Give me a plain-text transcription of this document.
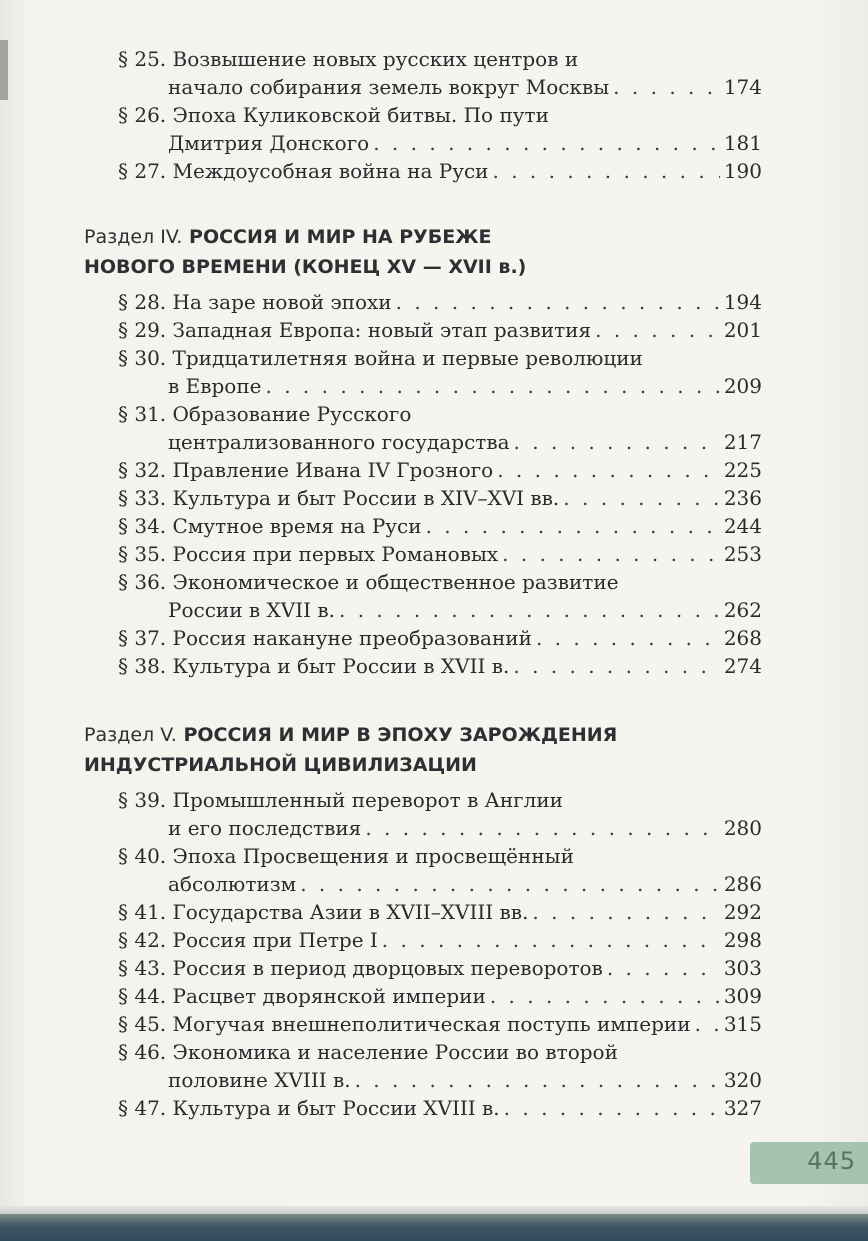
§ 25.
Возвышение новых русских центров и
начало собирания земель вокруг Москвы . . .	174
§ 26.
Эпоха Куликовской битвы. По пути
Дмитрия Донского . . .	181
§ 27.
Междоусобная война на Руси . . .	190
Раздел IV. РОССИЯ И МИР НА РУБЕЖЕ
НОВОГО ВРЕМЕНИ (КОНЕЦ XV — XVII в.)
§ 28.
На заре новой эпохи . . .	194
§ 29.
Западная Европа: новый этап развития . . .	201
§ 30.
Тридцатилетняя война и первые революции
в Европе . . .	209
§ 31.
Образование Русского
централизованного государства . . .	217
§ 32.
Правление Ивана IV Грозного . . .	225
§ 33.
Культура и быт России в XIV–XVI вв. . . .	236
§ 34.
Смутное время на Руси . . .	244
§ 35.
Россия при первых Романовых . . .	253
§ 36.
Экономическое и общественное развитие
России в XVII в. . . .	262
§ 37.
Россия накануне преобразований . . .	268
§ 38.
Культура и быт России в XVII в. . . .	274
Раздел V. РОССИЯ И МИР В ЭПОХУ ЗАРОЖДЕНИЯ
ИНДУСТРИАЛЬНОЙ ЦИВИЛИЗАЦИИ
§ 39.
Промышленный переворот в Англии
и его последствия . . .	280
§ 40.
Эпоха Просвещения и просвещённый
абсолютизм . . .	286
§ 41.
Государства Азии в XVII–XVIII вв. . . .	292
§ 42.
Россия при Петре I . . .	298
§ 43.
Россия в период дворцовых переворотов . . .	303
§ 44.
Расцвет дворянской империи . . .	309
§ 45.
Могучая внешнеполитическая поступь империи . . . 315
§ 46.
Экономика и население России во второй
половине XVIII в. . . .	320
§ 47.
Культура и быт России XVIII в. . . .	327
445
